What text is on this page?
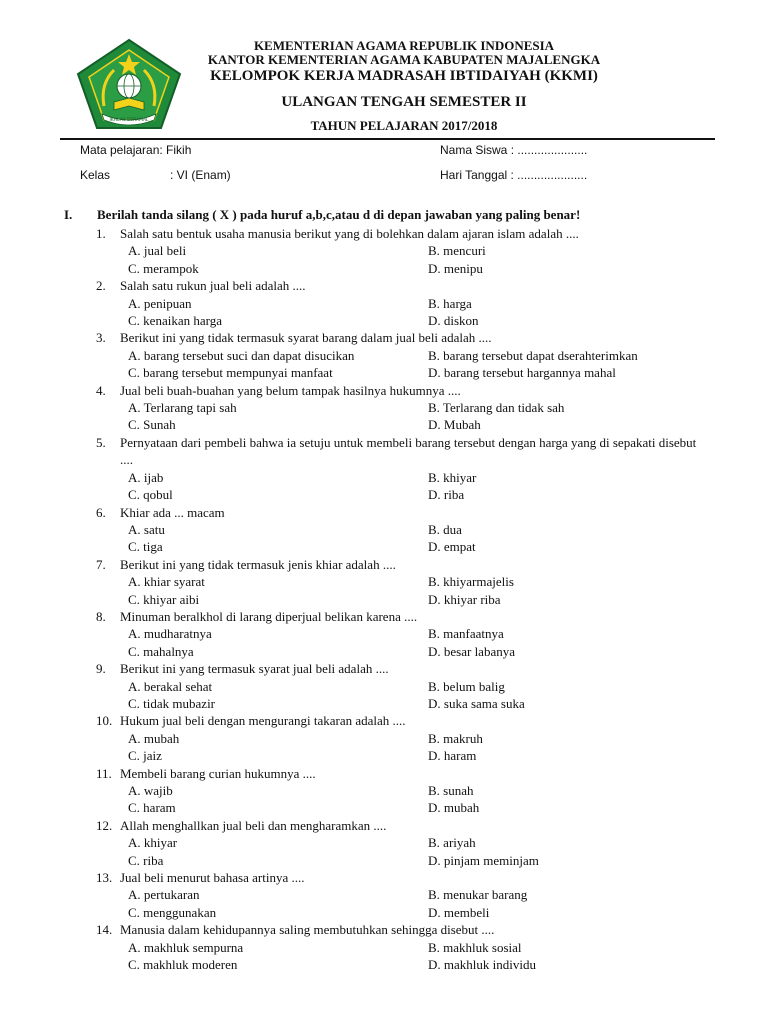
IKHLAS BERAMAL

KEMENTERIAN AGAMA REPUBLIK INDONESIA

KANTOR KEMENTERIAN AGAMA KABUPATEN MAJALENGKA

KELOMPOK KERJA MADRASAH IBTIDAIYAH (KKMI)

ULANGAN TENGAH SEMESTER II

TAHUN PELAJARAN 2017/2018

Mata pelajaran: Fikih	Nama Siswa : .....................
Kelas	: VI (Enam)	Hari Tanggal : .....................
I. Berilah tanda silang ( X ) pada huruf a,b,c,atau d di depan jawaban yang paling benar!
1. Salah satu bentuk usaha manusia berikut yang di bolehkan dalam ajaran islam adalah ....
A. jual beli	B. mencuri
C. merampok	D. menipu
2. Salah satu rukun jual beli adalah ....
A. penipuan	B. harga
C. kenaikan harga	D. diskon
3. Berikut ini yang tidak termasuk syarat barang dalam jual beli adalah ....
A. barang tersebut suci dan dapat disucikan	B. barang tersebut dapat dserahterimkan
C. barang tersebut mempunyai manfaat	D. barang tersebut hargannya mahal
4. Jual beli buah-buahan yang belum tampak hasilnya hukumnya ....
A. Terlarang tapi sah	B. Terlarang dan tidak sah
C. Sunah	D. Mubah
5. Pernyataan dari pembeli bahwa ia setuju untuk membeli barang tersebut dengan harga yang di sepakati disebut ....
A. ijab	B. khiyar
C. qobul	D. riba
6. Khiar ada ... macam
A. satu	B. dua
C. tiga	D. empat
7. Berikut ini yang tidak termasuk jenis khiar adalah ....
A. khiar syarat	B. khiyarmajelis
C. khiyar aibi	D. khiyar riba
8. Minuman beralkhol di larang diperjual belikan karena ....
A. mudharatnya	B. manfaatnya
C. mahalnya	D. besar labanya
9. Berikut ini yang termasuk syarat jual beli adalah ....
A. berakal sehat	B. belum balig
C. tidak mubazir	D. suka sama suka
10. Hukum jual beli dengan mengurangi takaran adalah ....
A. mubah	B. makruh
C. jaiz	D. haram
11. Membeli barang curian hukumnya ....
A. wajib	B. sunah
C. haram	D. mubah
12. Allah menghallkan jual beli dan mengharamkan ....
A. khiyar	B. ariyah
C. riba	D. pinjam meminjam
13. Jual beli menurut bahasa artinya ....
A. pertukaran	B. menukar barang
C. menggunakan	D. membeli
14. Manusia dalam kehidupannya saling membutuhkan sehingga disebut ....
A. makhluk sempurna	B. makhluk sosial
C. makhluk moderen	D. makhluk individu
